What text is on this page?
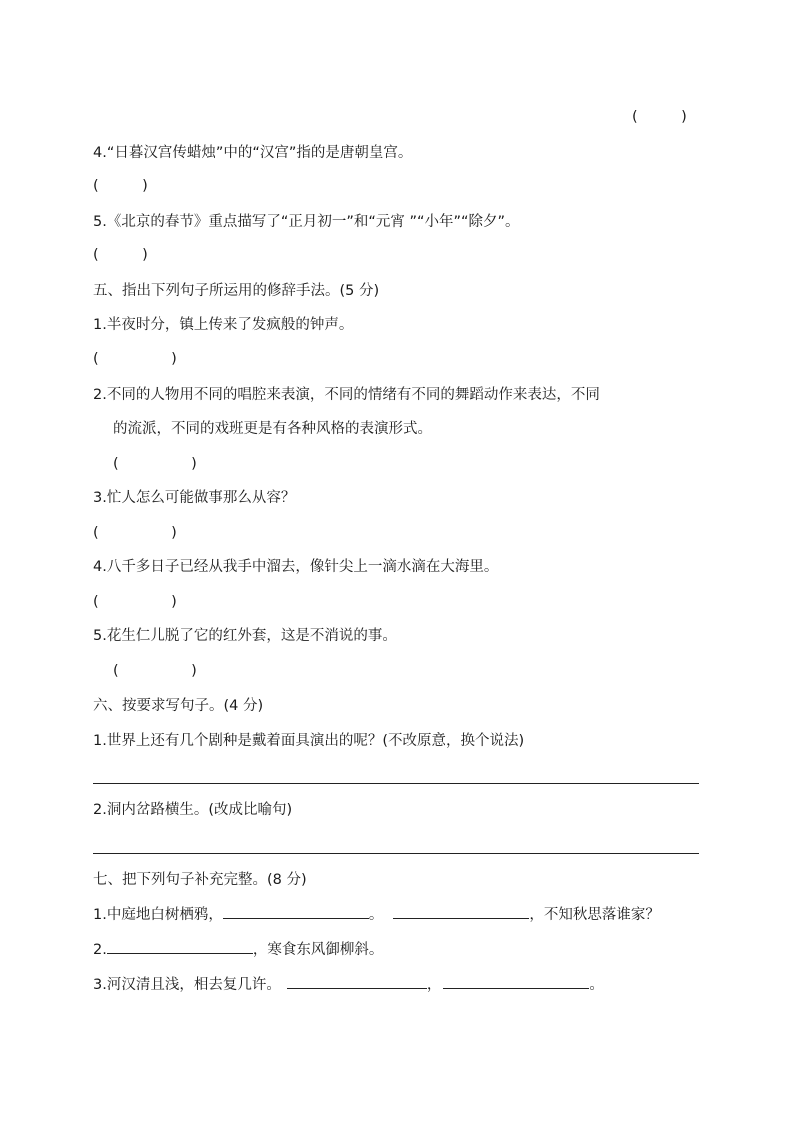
(　　　)
4.“日暮汉宫传蜡烛”中的“汉宫”指的是唐朝皇宫。
(　　　)
5.《北京的春节》重点描写了“正月初一”和“元宵 ”“小年”“除夕”。
(　　　)
五、指出下列句子所运用的修辞手法。(5 分)
1.半夜时分，镇上传来了发疯般的钟声。
(　　　　　)
2.不同的人物用不同的唱腔来表演，不同的情绪有不同的舞蹈动作来表达，不同
的流派，不同的戏班更是有各种风格的表演形式。
(　　　　　)
3.忙人怎么可能做事那么从容？
(　　　　　)
4.八千多日子已经从我手中溜去，像针尖上一滴水滴在大海里。
(　　　　　)
5.花生仁儿脱了它的红外套，这是不消说的事。
(　　　　　)
六、按要求写句子。(4 分)
1.世界上还有几个剧种是戴着面具演出的呢？(不改原意，换个说法)
2.洞内岔路横生。(改成比喻句)
七、把下列句子补充完整。(8 分)
1.中庭地白树栖鸦，	。	，不知秋思落谁家？
2.	，寒食东风御柳斜。
3.河汉清且浅，相去复几许。	，	。
